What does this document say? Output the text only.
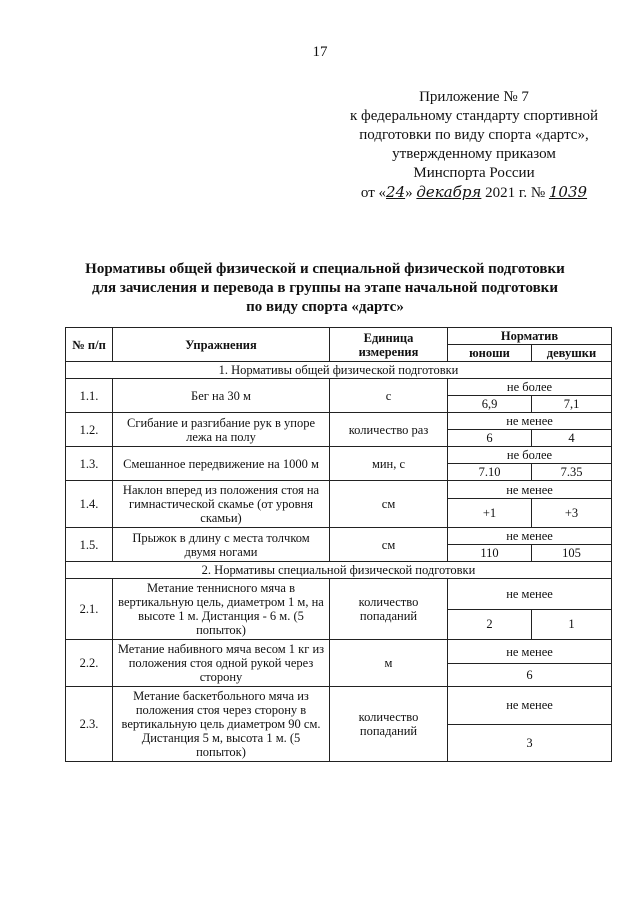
17
Приложение № 7
к федеральному стандарту спортивной
подготовки по виду спорта «дартс»,
утвержденному приказом
Минспорта России
от «24» декабря 2021 г. № 1039
Нормативы общей физической и специальной физической подготовки
для зачисления и перевода в группы на этапе начальной подготовки
по виду спорта «дартс»
№ п/п	Упражнения	Единица измерения	Норматив	
			юноши	девушки
1. Нормативы общей физической подготовки				
1.1.	Бег на 30 м	с	не более	
			6,9	7,1
1.2.	Сгибание и разгибание рук в упоре лежа на полу	количество раз	не менее	
			6	4
1.3.	Смешанное передвижение на 1000 м	мин, с	не более	
			7.10	7.35
1.4.	Наклон вперед из положения стоя на гимнастической скамье (от уровня скамьи)	см	не менее	
			+1	+3
1.5.	Прыжок в длину с места толчком двумя ногами	см	не менее	
			110	105
2. Нормативы специальной физической подготовки				
2.1.	Метание теннисного мяча в вертикальную цель, диаметром 1 м, на высоте 1 м. Дистанция - 6 м. (5 попыток)	количество попаданий	не менее	
			2	1
2.2.	Метание набивного мяча весом 1 кг из положения стоя одной рукой через сторону	м	не менее	
			6	
2.3.	Метание баскетбольного мяча из положения стоя через сторону в вертикальную цель диаметром 90 см. Дистанция 5 м, высота 1 м. (5 попыток)	количество попаданий	не менее	
			3	
